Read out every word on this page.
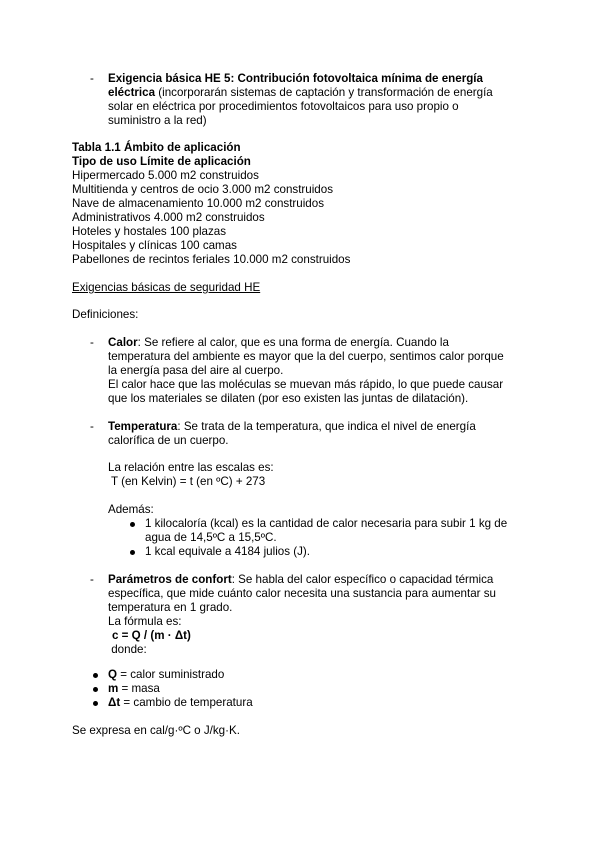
- Exigencia básica HE 5: Contribución fotovoltaica mínima de energía
eléctrica (incorporarán sistemas de captación y transformación de energía
solar en eléctrica por procedimientos fotovoltaicos para uso propio o
suministro a la red)
Tabla 1.1 Ámbito de aplicación
Tipo de uso Límite de aplicación
Hipermercado 5.000 m2 construidos
Multitienda y centros de ocio 3.000 m2 construidos
Nave de almacenamiento 10.000 m2 construidos
Administrativos 4.000 m2 construidos
Hoteles y hostales 100 plazas
Hospitales y clínicas 100 camas
Pabellones de recintos feriales 10.000 m2 construidos
Exigencias básicas de seguridad HE
Definiciones:
- Calor: Se refiere al calor, que es una forma de energía. Cuando la
temperatura del ambiente es mayor que la del cuerpo, sentimos calor porque
la energía pasa del aire al cuerpo.
El calor hace que las moléculas se muevan más rápido, lo que puede causar
que los materiales se dilaten (por eso existen las juntas de dilatación).
- Temperatura: Se trata de la temperatura, que indica el nivel de energía
calorífica de un cuerpo.
La relación entre las escalas es:
T (en Kelvin) = t (en ºC) + 273
Además:
1 kilocaloría (kcal) es la cantidad de calor necesaria para subir 1 kg de
agua de 14,5ºC a 15,5ºC.
1 kcal equivale a 4184 julios (J).
- Parámetros de confort: Se habla del calor específico o capacidad térmica
específica, que mide cuánto calor necesita una sustancia para aumentar su
temperatura en 1 grado.
La fórmula es:
c = Q / (m · Δt)
donde:
Q = calor suministrado
m = masa
Δt = cambio de temperatura
Se expresa en cal/g·ºC o J/kg·K.
